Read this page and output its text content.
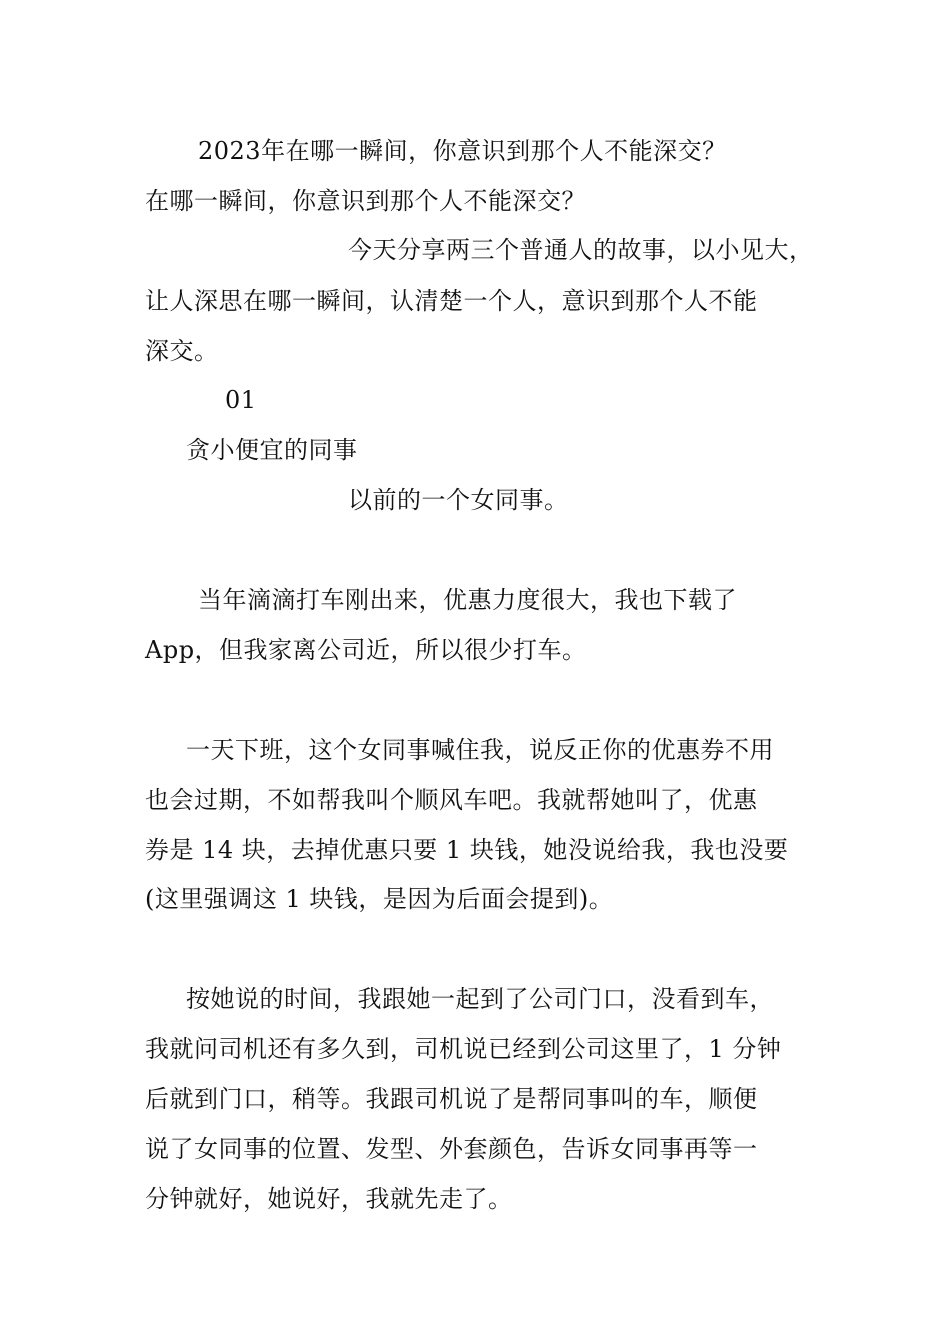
2023年在哪一瞬间，你意识到那个人不能深交？
在哪一瞬间，你意识到那个人不能深交？
今天分享两三个普通人的故事，以小见大，
让人深思在哪一瞬间，认清楚一个人，意识到那个人不能
深交。
01
贪小便宜的同事
以前的一个女同事。
当年滴滴打车刚出来，优惠力度很大，我也下载了
App，但我家离公司近，所以很少打车。
一天下班，这个女同事喊住我，说反正你的优惠券不用
也会过期，不如帮我叫个顺风车吧。我就帮她叫了，优惠
券是 14 块，去掉优惠只要 1 块钱，她没说给我，我也没要
(这里强调这 1 块钱，是因为后面会提到)。
按她说的时间，我跟她一起到了公司门口，没看到车，
我就问司机还有多久到，司机说已经到公司这里了，1 分钟
后就到门口，稍等。我跟司机说了是帮同事叫的车，顺便
说了女同事的位置、发型、外套颜色，告诉女同事再等一
分钟就好，她说好，我就先走了。
